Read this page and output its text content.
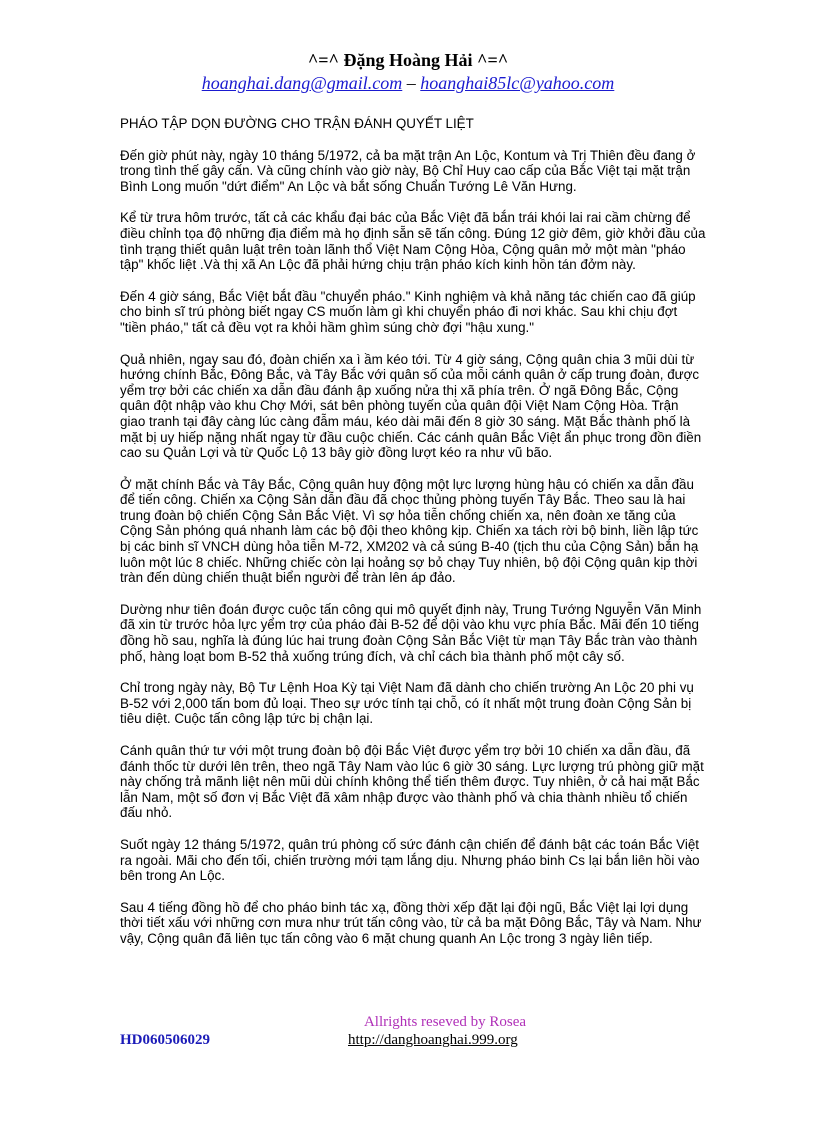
^=^ Đặng Hoàng Hải ^=^
hoanghai.dang@gmail.com – hoanghai85lc@yahoo.com

PHÁO TẬP DỌN ĐƯỜNG CHO TRẬN ĐÁNH QUYẾT LIỆT

Đến giờ phút này, ngày 10 tháng 5/1972, cả ba mặt trận An Lộc, Kontum và Trị Thiên đều đang ở trong tình thế gây cấn. Và cũng chính vào giờ này, Bộ Chỉ Huy cao cấp của Bắc Việt tại mặt trận Bình Long muốn "dứt điểm" An Lộc và bắt sống Chuẩn Tướng Lê Văn Hưng.

Kể từ trưa hôm trước, tất cả các khẩu đại bác của Bắc Việt đã bắn trái khói lai rai cầm chừng để điều chỉnh tọa độ những địa điểm mà họ định sẵn sẽ tấn công. Đúng 12 giờ đêm, giờ khởi đầu của tình trạng thiết quân luật trên toàn lãnh thổ Việt Nam Cộng Hòa, Cộng quân mở một màn "pháo tập" khốc liệt .Và thị xã An Lộc đã phải hứng chịu trận pháo kích kinh hồn tán đởm này.

Đến 4 giờ sáng, Bắc Việt bắt đầu "chuyển pháo." Kinh nghiệm và khả năng tác chiến cao đã giúp cho binh sĩ trú phòng biết ngay CS muốn làm gì khi chuyển pháo đi nơi khác. Sau khi chịu đợt "tiền pháo," tất cả đều vọt ra khỏi hầm ghìm súng chờ đợi "hậu xung."

Quả nhiên, ngay sau đó, đoàn chiến xa ì ầm kéo tới. Từ 4 giờ sáng, Cộng quân chia 3 mũi dùi từ hướng chính Bắc, Đông Bắc, và Tây Bắc với quân số của mỗi cánh quân ở cấp trung đoàn, được yểm trợ bởi các chiến xa dẫn đầu đánh ập xuống nửa thị xã phía trên. Ở ngã Đông Bắc, Cộng quân đột nhập vào khu Chợ Mới, sát bên phòng tuyến của quân đội Việt Nam Cộng Hòa. Trận giao tranh tại đây càng lúc càng đẫm máu, kéo dài mãi đến 8 giờ 30 sáng. Mặt Bắc thành phố là mặt bị uy hiếp nặng nhất ngay từ đầu cuộc chiến. Các cánh quân Bắc Việt ẩn phục trong đồn điền cao su Quản Lợi và từ Quốc Lộ 13 bây giờ đồng lượt kéo ra như vũ bão.

Ở mặt chính Bắc và Tây Bắc, Cộng quân huy động một lực lượng hùng hậu có chiến xa dẫn đầu để tiến công. Chiến xa Cộng Sản dẫn đầu đã chọc thủng phòng tuyến Tây Bắc. Theo sau là hai trung đoàn bộ chiến Cộng Sản Bắc Việt. Vì sợ hỏa tiễn chống chiến xa, nên đoàn xe tăng của Cộng Sản phóng quá nhanh làm các bộ đội theo không kịp. Chiến xa tách rời bộ binh, liền lập tức bị các binh sĩ VNCH dùng hỏa tiễn M-72, XM202 và cả súng B-40 (tịch thu của Cộng Sản) bắn hạ luôn một lúc 8 chiếc. Những chiếc còn lại hoảng sợ bỏ chạy Tuy nhiên, bộ đội Cộng quân kịp thời tràn đến dùng chiến thuật biển người để tràn lên áp đảo.

Dường như tiên đoán được cuộc tấn công qui mô quyết định này, Trung Tướng Nguyễn Văn Minh đã xin từ trước hỏa lực yểm trợ của pháo đài B-52 để dội vào khu vực phía Bắc. Mãi đến 10 tiếng đồng hồ sau, nghĩa là đúng lúc hai trung đoàn Cộng Sản Bắc Việt từ mạn Tây Bắc tràn vào thành phố, hàng loạt bom B-52 thả xuống trúng đích, và chỉ cách bìa thành phố một cây số.

Chỉ trong ngày này, Bộ Tư Lệnh Hoa Kỳ tại Việt Nam đã dành cho chiến trường An Lộc 20 phi vụ B-52 với 2,000 tấn bom đủ loại. Theo sự ước tính tại chỗ, có ít nhất một trung đoàn Cộng Sản bị tiêu diệt. Cuộc tấn công lập tức bị chận lại.

Cánh quân thứ tư với một trung đoàn bộ đội Bắc Việt được yểm trợ bởi 10 chiến xa dẫn đầu, đã đánh thốc từ dưới lên trên, theo ngã Tây Nam vào lúc 6 giờ 30 sáng. Lực lượng trú phòng giữ mặt này chống trả mãnh liệt nên mũi dùi chính không thể tiến thêm được. Tuy nhiên, ở cả hai mặt Bắc lẫn Nam, một số đơn vị Bắc Việt đã xâm nhập được vào thành phố và chia thành nhiều tổ chiến đấu nhỏ.

Suốt ngày 12 tháng 5/1972, quân trú phòng cố sức đánh cận chiến để đánh bật các toán Bắc Việt ra ngoài. Mãi cho đến tối, chiến trường mới tạm lắng dịu. Nhưng pháo binh Cs lại bắn liên hồi vào bên trong An Lộc.

Sau 4 tiếng đồng hồ để cho pháo binh tác xạ, đồng thời xếp đặt lại đội ngũ, Bắc Việt lại lợi dụng thời tiết xấu với những cơn mưa như trút tấn công vào, từ cả ba mặt Đông Bắc, Tây và Nam. Như vậy, Cộng quân đã liên tục tấn công vào 6 mặt chung quanh An Lộc trong 3 ngày liên tiếp.

Allrights reseved by Rosea
HD060506029	http://danghoanghai.999.org
